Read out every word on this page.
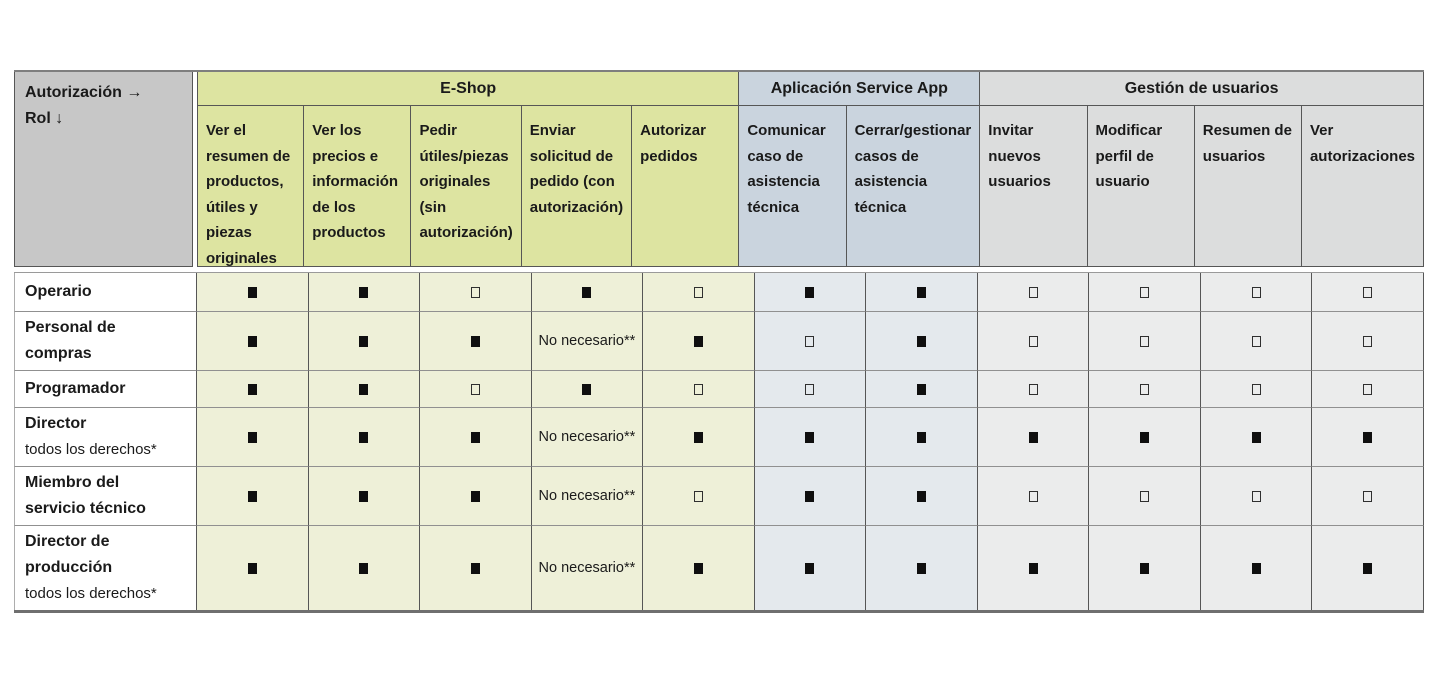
Autorización →
Rol ↓
E-Shop	Aplicación Service App	Gestión de usuarios
Ver el resumen de productos, útiles y piezas originales
Ver los precios e información de los productos
Pedir útiles/piezas originales (sin autorización)
Enviar solicitud de pedido (con autorización)
Autorizar pedidos
Comunicar caso de asistencia técnica
Cerrar/gestionar casos de asistencia técnica
Invitar nuevos usuarios
Modificar perfil de usuario
Resumen de usuarios
Ver autorizaciones
Operario
Personal de
compras
No necesario**
Programador
Director
todos los derechos*
No necesario**
Miembro del
servicio técnico
No necesario**
Director de
producción
todos los derechos*
No necesario**
